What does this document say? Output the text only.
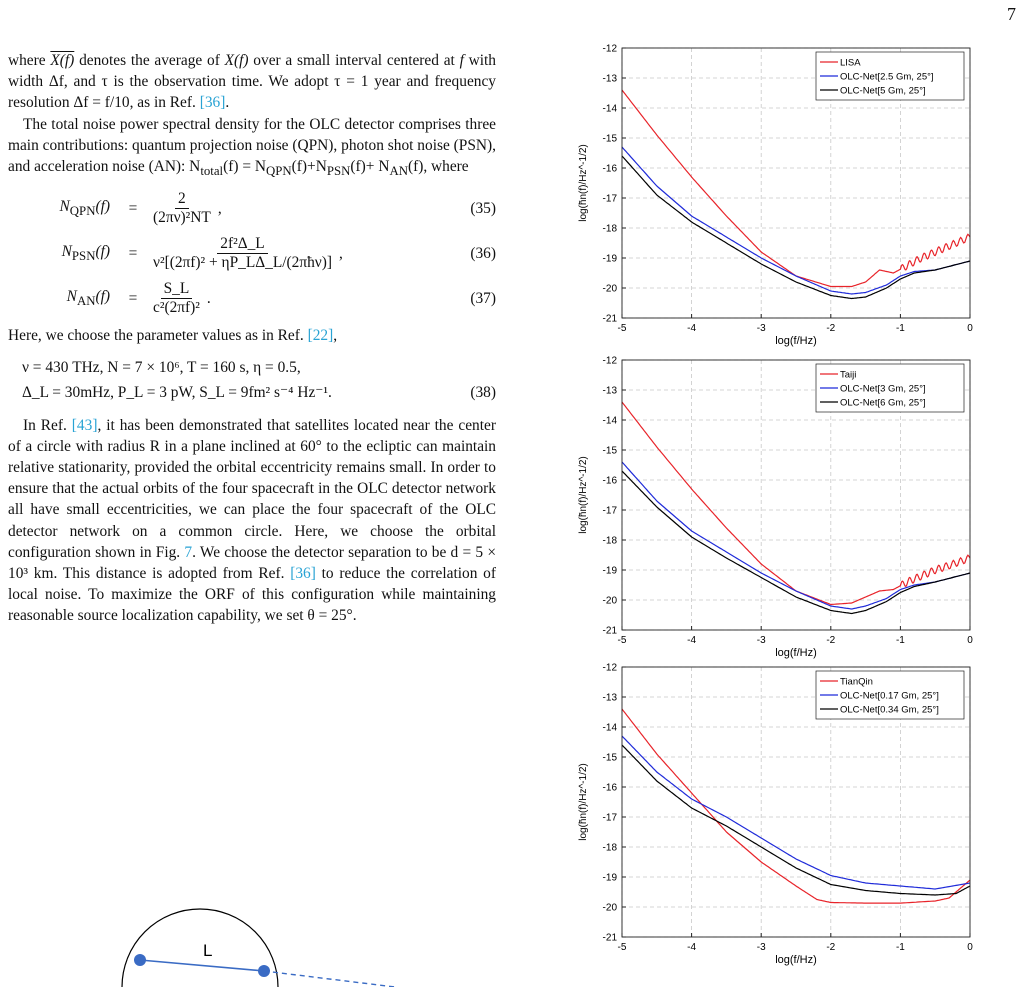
7

where X(f) denotes the average of X(f) over a small interval centered at f with width Δf, and τ is the observation time. We adopt τ = 1 year and frequency resolution Δf = f/10, as in Ref. [36].

The total noise power spectral density for the OLC detector comprises three main contributions: quantum projection noise (QPN), photon shot noise (PSN), and acceleration noise (AN): $N_{total}(f) = N_{QPN}(f)+N_{PSN}(f)+ N_{AN}(f)$, where

$N_{QPN}(f)$	= $\frac{2}{\text{(2πν)²NT}}$ ,	(35)
$N_{PSN}(f)$	= $\frac{\text{2f²Δ\_L}}{\text{ν²[(2πf)² + ηP\_LΔ\_L/(2πħν)]}}$ ,	(36)
$N_{AN}(f)$	= $\frac{S\_L}{\text{c²(2πf)²}}$ .	(37)

Here, we choose the parameter values as in Ref. [22],

ν = 430 THz, N = 7 × 10⁶, T = 160 s, η = 0.5,
Δ_L = 30mHz, P_L = 3 pW, S_L = 9fm² s⁻⁴ Hz⁻¹.	(38)

In Ref. [43], it has been demonstrated that satellites located near the center of a circle with radius R in a plane inclined at 60° to the ecliptic can maintain relative stationarity, provided the orbital eccentricity remains small. In order to ensure that the actual orbits of the four spacecraft in the OLC detector network all have small eccentricities, we can place the four spacecraft of the OLC detector network on a common circle. Here, we choose the orbital configuration shown in Fig. 7. We choose the detector separation to be d = 5 × 10³ km. This distance is adopted from Ref. [36] to reduce the correlation of local noise. To maximize the ORF of this configuration while maintaining reasonable source localization capability, we set θ = 25°.

L
-5	-4	-3	-2	-1	0
-12
-13
-14
-15
-16
-17
-18
-19
-20
-21
log(f/Hz)
log(h̃n(f)/Hz^-1/2)
LISA
OLC-Net[2.5 Gm, 25°]
OLC-Net[5 Gm, 25°]
-5	-4	-3	-2	-1	0
-12
-13
-14
-15
-16
-17
-18
-19
-20
-21
log(f/Hz)
log(h̃n(f)/Hz^-1/2)
Taiji
OLC-Net[3 Gm, 25°]
OLC-Net[6 Gm, 25°]
-5	-4	-3	-2	-1	0
-12
-13
-14
-15
-16
-17
-18
-19
-20
-21
log(f/Hz)
log(h̃n(f)/Hz^-1/2)
TianQin
OLC-Net[0.17 Gm, 25°]
OLC-Net[0.34 Gm, 25°]
